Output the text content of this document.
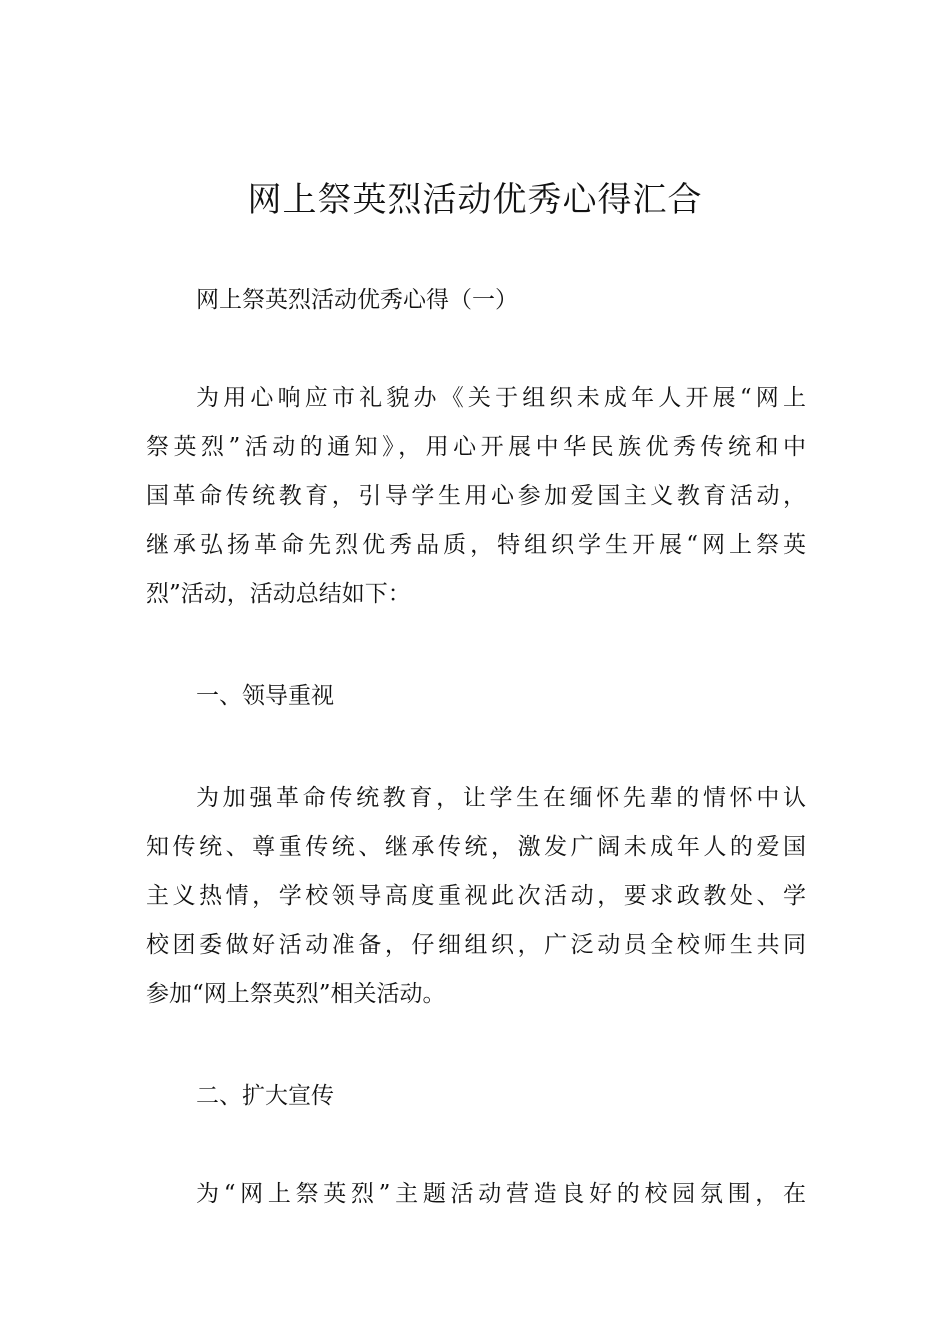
网上祭英烈活动优秀心得汇合

网上祭英烈活动优秀心得（一）

为用心响应市礼貌办《关于组织未成年人开展“网上
祭英烈”活动的通知》，用心开展中华民族优秀传统和中
国革命传统教育，引导学生用心参加爱国主义教育活动，
继承弘扬革命先烈优秀品质，特组织学生开展“网上祭英
烈”活动，活动总结如下：

一、领导重视

为加强革命传统教育，让学生在缅怀先辈的情怀中认
知传统、尊重传统、继承传统，激发广阔未成年人的爱国
主义热情，学校领导高度重视此次活动，要求政教处、学
校团委做好活动准备，仔细组织，广泛动员全校师生共同
参加“网上祭英烈”相关活动。

二、扩大宣传

为“网上祭英烈”主题活动营造良好的校园氛围，在
